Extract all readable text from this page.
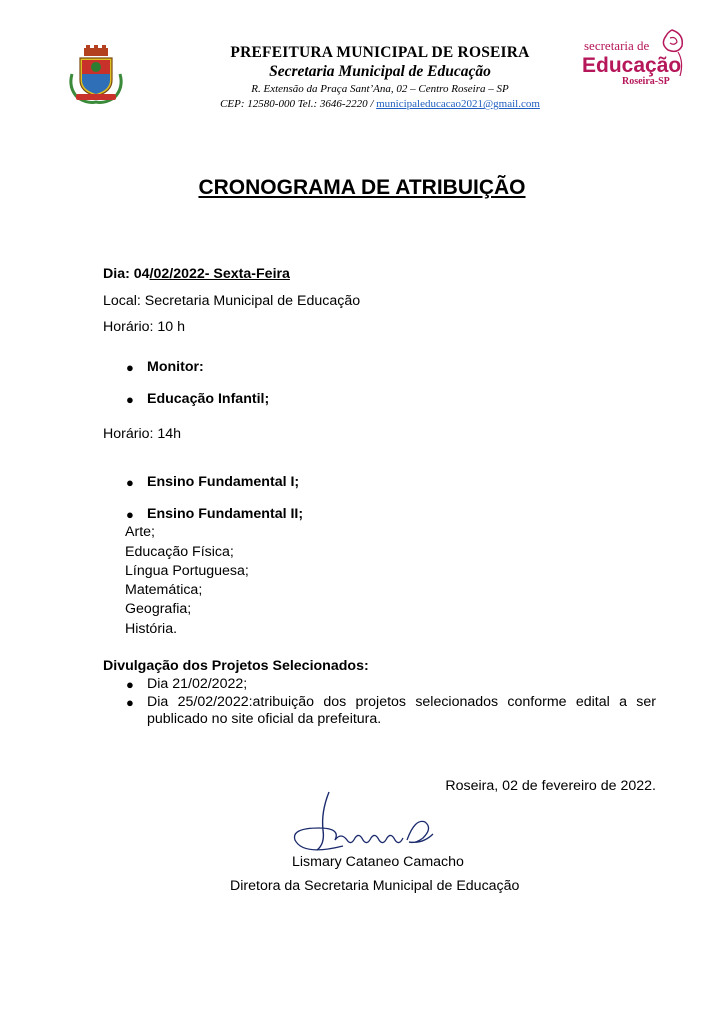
PREFEITURA MUNICIPAL DE ROSEIRA
Secretaria Municipal de Educação
R. Extensão da Praça Sant’Ana, 02 – Centro Roseira – SP
CEP: 12580-000 Tel.: 3646-2220 / municipaleducacao2021@gmail.com
secretaria de
Educação
Roseira-SP
CRONOGRAMA DE ATRIBUIÇÃO
Dia: 04/02/2022- Sexta-Feira
Local: Secretaria Municipal de Educação
Horário: 10 h
● Monitor:
● Educação Infantil;
Horário: 14h
● Ensino Fundamental I;
● Ensino Fundamental II;
Arte;
Educação Física;
Língua Portuguesa;
Matemática;
Geografia;
História.
Divulgação dos Projetos Selecionados:
● Dia 21/02/2022;
● Dia 25/02/2022:atribuição dos projetos selecionados conforme edital a ser publicado no site oficial da prefeitura.
Roseira, 02 de fevereiro de 2022.
Lismary Cataneo Camacho
Diretora da Secretaria Municipal de Educação
